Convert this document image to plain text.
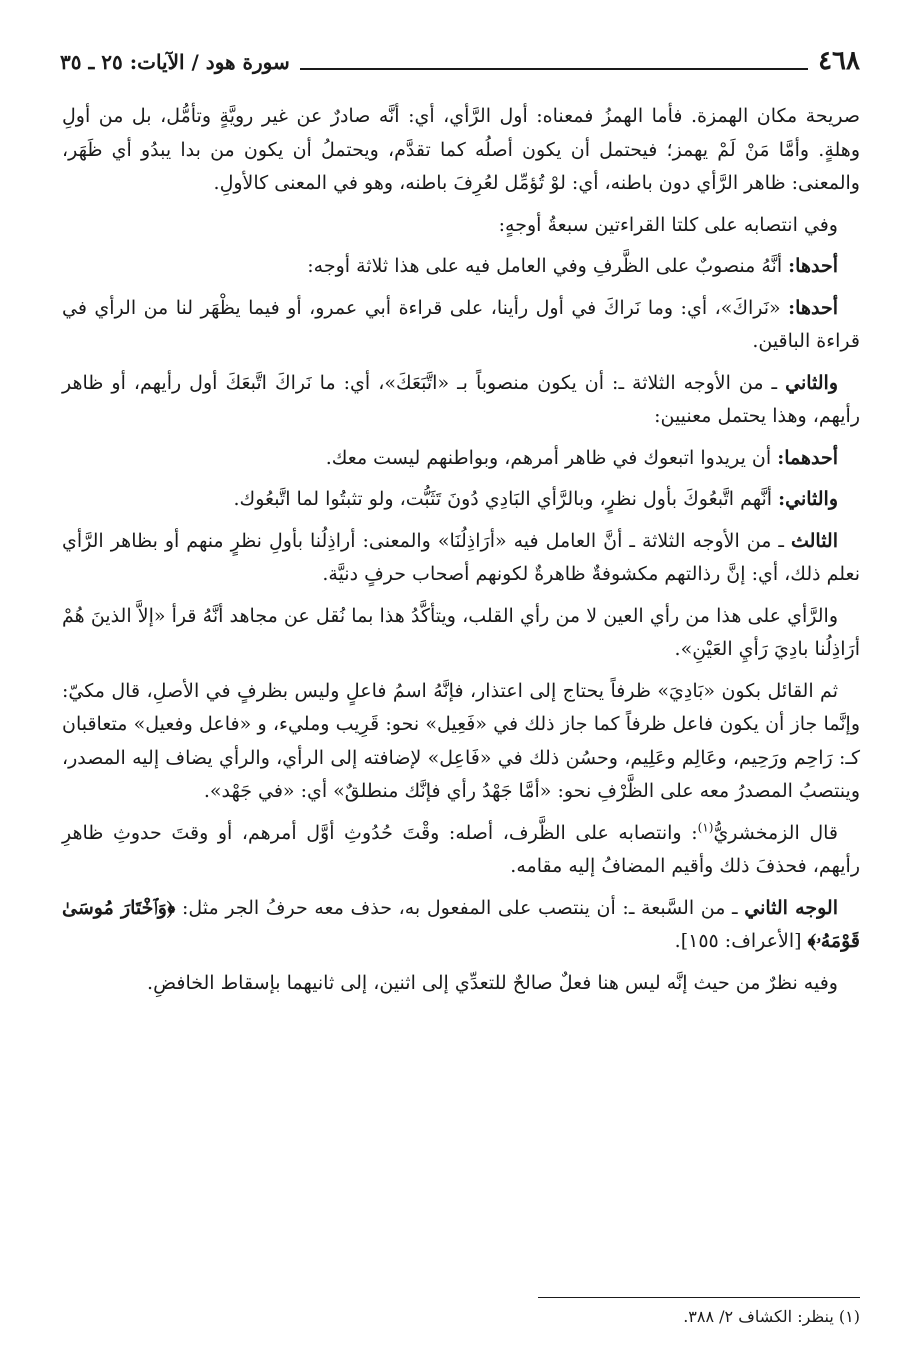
٤٦٨
سورة هود / الآيات: ٢٥ ـ ٣٥

صريحة مكان الهمزة. فأما الهمزُ فمعناه: أول الرَّأي، أي: أنَّه صادرٌ عن غير رويَّةٍ وتأمُّل، بل من أولِ وهلةٍ. وأمَّا مَنْ لَمْ يهمز؛ فيحتمل أن يكون أصلُه كما تقدَّم، ويحتملُ أن يكون من بدا يبدُو أي ظَهَر، والمعنى: ظاهر الرَّأي دون باطنه، أي: لوْ تُؤمِّل لعُرِفَ باطنه، وهو في المعنى كالأولِ.

وفي انتصابه على كلتا القراءتين سبعةُ أوجهٍ:

أحدها: أنَّهُ منصوبٌ على الظَّرفِ وفي العامل فيه على هذا ثلاثة أوجه:

أحدها: «نَراكَ»، أي: وما نَراكَ في أول رأينا، على قراءة أبي عمرو، أو فيما يظْهَر لنا من الرأي في قراءة الباقين.

والثاني ـ من الأوجه الثلاثة ـ: أن يكون منصوباً بـ «اتَّبَعَكَ»، أي: ما نَراكَ اتَّبعَكَ أول رأيهم، أو ظاهر رأيهم، وهذا يحتمل معنيين:

أحدهما: أن يريدوا اتبعوك في ظاهر أمرهم، وبواطنهم ليست معك.

والثاني: أنَّهم اتَّبعُوكَ بأول نظرٍ، وبالرَّأي البَادِي دُونَ تَثَبُّت، ولو تثبتُوا لما اتَّبعُوك.

الثالث ـ من الأوجه الثلاثة ـ أنَّ العامل فيه «أرَاذِلُنَا» والمعنى: أراذِلُنا بأولِ نظرٍ منهم أو بظاهر الرَّأي نعلم ذلك، أي: إنَّ رذالتهم مكشوفةٌ ظاهرةٌ لكونهم أصحاب حرفٍ دنيَّة.

والرَّأي على هذا من رأي العين لا من رأي القلب، ويتأكَّدُ هذا بما نُقل عن مجاهد أنَّهُ قرأ «إلاَّ الذينَ هُمْ أرَاذِلُنا بادِيَ رَأيِ العَيْنِ».

ثم القائل بكون «بَادِيَ» ظرفاً يحتاج إلى اعتذار، فإنَّهُ اسمُ فاعلٍ وليس بظرفٍ في الأصلِ، قال مكيّ: وإنَّما جاز أن يكون فاعل ظرفاً كما جاز ذلك في «فَعِيل» نحو: قَرِيب ومليء، و «فاعل وفعيل» متعاقبان كـ: رَاحِم ورَحِيم، وعَالِم وعَلِيم، وحسُن ذلك في «فَاعِل» لإضافته إلى الرأي، والرأي يضاف إليه المصدر، وينتصبُ المصدرُ معه على الظَّرْفِ نحو: «أمَّا جَهْدُ رأي فإنَّك منطلقٌ» أي: «في جَهْد».

قال الزمخشريُّ$^{(١)}$: وانتصابه على الظَّرف، أصله: وقْتَ حُدُوثِ أوَّل أمرهم، أو وقتَ حدوثِ ظاهرِ رأيهم، فحذفَ ذلك وأقيم المضافُ إليه مقامه.

الوجه الثاني ـ من السَّبعة ـ: أن ينتصب على المفعول به، حذف معه حرفُ الجر مثل: ﴿وَٱخْتَارَ مُوسَىٰ قَوْمَهُۥ﴾ [الأعراف: ١٥٥].

وفيه نظرٌ من حيث إنَّه ليس هنا فعلٌ صالحٌ للتعدِّي إلى اثنين، إلى ثانيهما بإسقاط الخافضِ.

(١) ينظر: الكشاف ٢/ ٣٨٨.
